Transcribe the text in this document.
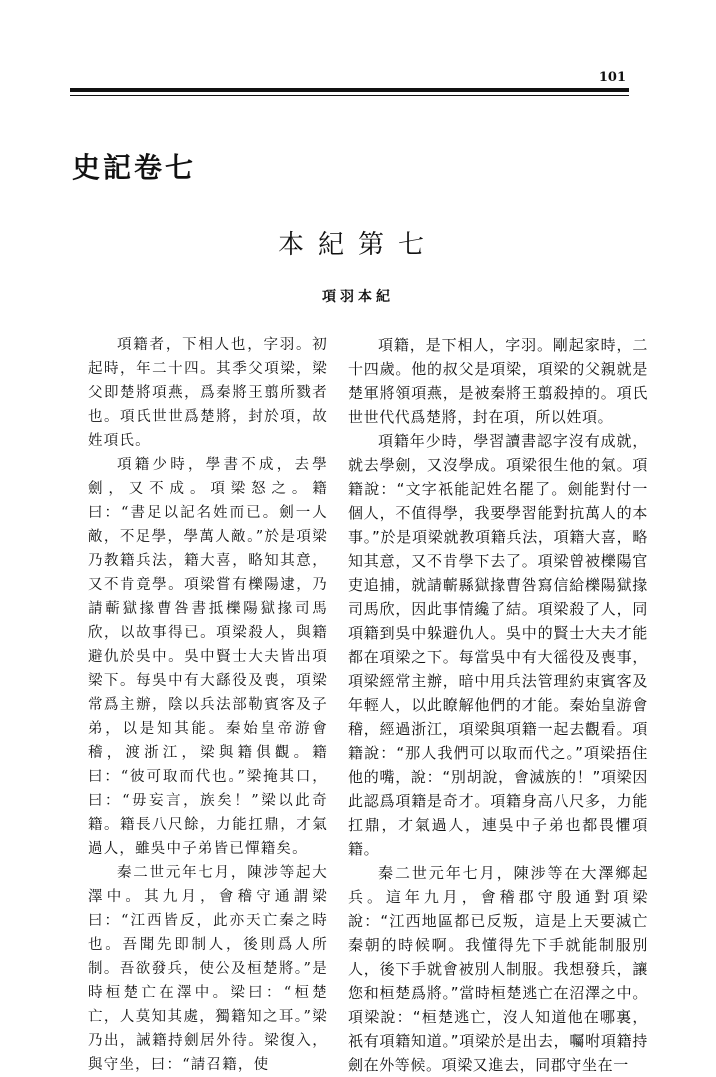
101
史記卷七
本紀第七
項羽本紀

項籍者，下相人也，字羽。初起時，年二十四。其季父項梁，梁父即楚將項燕，爲秦將王翦所戮者也。項氏世世爲楚將，封於項，故姓項氏。

項籍少時，學書不成，去學劍，又不成。項梁怒之。籍曰：“書足以記名姓而已。劍一人敵，不足學，學萬人敵。”於是項梁乃教籍兵法，籍大喜，略知其意，又不肯竟學。項梁嘗有櫟陽逮，乃請蘄獄掾曹咎書抵櫟陽獄掾司馬欣，以故事得已。項梁殺人，與籍避仇於吳中。吳中賢士大夫皆出項梁下。每吳中有大繇役及喪，項梁常爲主辦，陰以兵法部勒賓客及子弟，以是知其能。秦始皇帝游會稽，渡浙江，梁與籍俱觀。籍曰：“彼可取而代也。”梁掩其口，曰：“毋妄言，族矣！”梁以此奇籍。籍長八尺餘，力能扛鼎，才氣過人，雖吳中子弟皆已憚籍矣。

秦二世元年七月，陳涉等起大澤中。其九月，會稽守通謂梁曰：“江西皆反，此亦天亡秦之時也。吾聞先即制人，後則爲人所制。吾欲發兵，使公及桓楚將。”是時桓楚亡在澤中。梁曰：“桓楚亡，人莫知其處，獨籍知之耳。”梁乃出，誡籍持劍居外待。梁復入，與守坐，曰：“請召籍，使

項籍，是下相人，字羽。剛起家時，二十四歲。他的叔父是項梁，項梁的父親就是楚軍將領項燕，是被秦將王翦殺掉的。項氏世世代代爲楚將，封在項，所以姓項。

項籍年少時，學習讀書認字沒有成就，就去學劍，又沒學成。項梁很生他的氣。項籍說：“文字祇能記姓名罷了。劍能對付一個人，不值得學，我要學習能對抗萬人的本事。”於是項梁就教項籍兵法，項籍大喜，略知其意，又不肯學下去了。項梁曾被櫟陽官吏追捕，就請蘄縣獄掾曹咎寫信給櫟陽獄掾司馬欣，因此事情纔了結。項梁殺了人，同項籍到吳中躲避仇人。吳中的賢士大夫才能都在項梁之下。每當吳中有大徭役及喪事，項梁經常主辦，暗中用兵法管理約束賓客及年輕人，以此瞭解他們的才能。秦始皇游會稽，經過浙江，項梁與項籍一起去觀看。項籍說：“那人我們可以取而代之。”項梁捂住他的嘴，說：“別胡說，會滅族的！”項梁因此認爲項籍是奇才。項籍身高八尺多，力能扛鼎，才氣過人，連吳中子弟也都畏懼項籍。

秦二世元年七月，陳涉等在大澤鄉起兵。這年九月，會稽郡守殷通對項梁說：“江西地區都已反叛，這是上天要滅亡秦朝的時候啊。我懂得先下手就能制服別人，後下手就會被別人制服。我想發兵，讓您和桓楚爲將。”當時桓楚逃亡在沼澤之中。項梁說：“桓楚逃亡，沒人知道他在哪裏，祇有項籍知道。”項梁於是出去，囑咐項籍持劍在外等候。項梁又進去，同郡守坐在一
